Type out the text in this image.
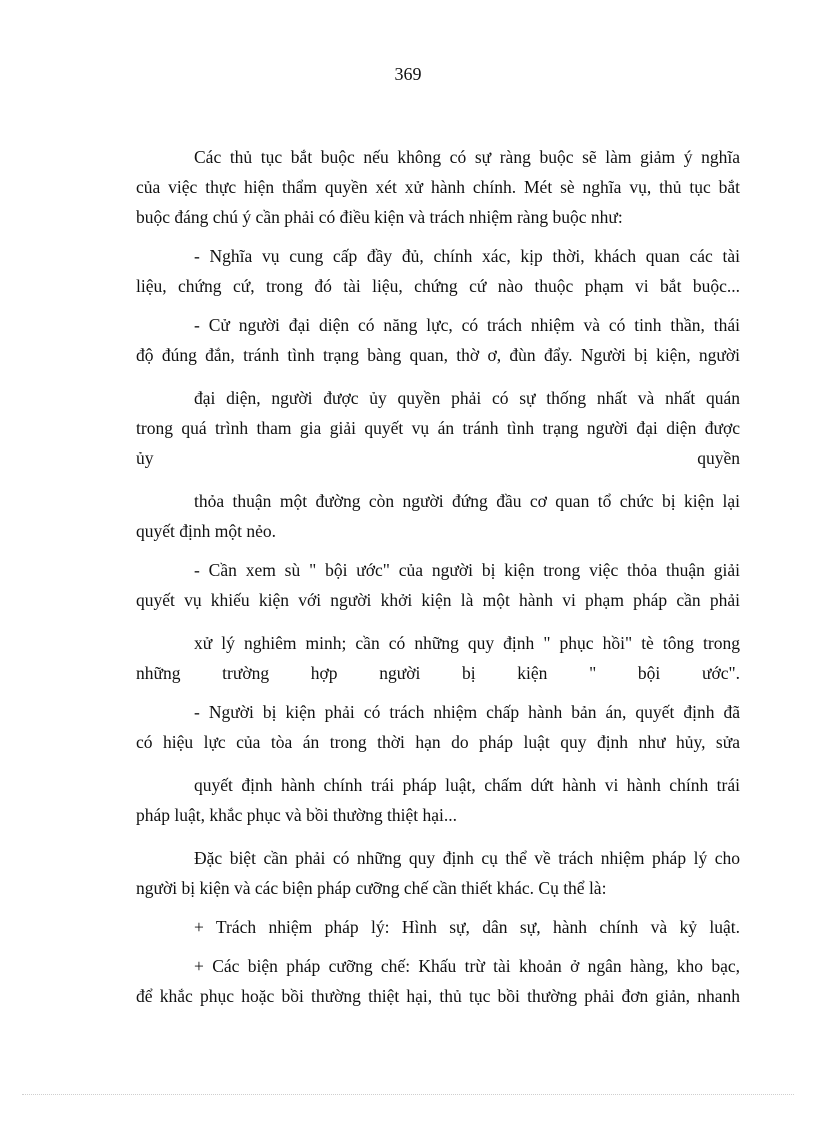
369
Các thủ tục bắt buộc nếu không có sự ràng buộc sẽ làm giảm ý nghĩa
của việc thực hiện thẩm quyền xét xử hành chính. Mét sè nghĩa vụ, thủ tục bắt
buộc đáng chú ý cần phải có điều kiện và trách nhiệm ràng buộc như:
- Nghĩa vụ cung cấp đầy đủ, chính xác, kịp thời, khách quan các tài
liệu, chứng cứ, trong đó tài liệu, chứng cứ nào thuộc phạm vi bắt buộc...
- Cử người đại diện có năng lực, có trách nhiệm và có tinh thần, thái
độ đúng đắn, tránh tình trạng bàng quan, thờ ơ, đùn đẩy. Người bị kiện, người
đại diện, người được ủy quyền phải có sự thống nhất và nhất quán
trong quá trình tham gia giải quyết vụ án tránh tình trạng người đại diện được
ủy quyền
thỏa thuận một đường còn người đứng đầu cơ quan tổ chức bị kiện lại
quyết định một nẻo.
- Cần xem sù " bội ước" của người bị kiện trong việc thỏa thuận giải
quyết vụ khiếu kiện với người khởi kiện là một hành vi phạm pháp cần phải
xử lý nghiêm minh; cần có những quy định " phục hồi" tè tông trong
những trường hợp người bị kiện " bội ước".
- Người bị kiện phải có trách nhiệm chấp hành bản án, quyết định đã
có hiệu lực của tòa án trong thời hạn do pháp luật quy định như hủy, sửa
quyết định hành chính trái pháp luật, chấm dứt hành vi hành chính trái
pháp luật, khắc phục và bồi thường thiệt hại...
Đặc biệt cần phải có những quy định cụ thể về trách nhiệm pháp lý cho
người bị kiện và các biện pháp cưỡng chế cần thiết khác. Cụ thể là:
+ Trách nhiệm pháp lý: Hình sự, dân sự, hành chính và kỷ luật.
+ Các biện pháp cưỡng chế: Khấu trừ tài khoản ở ngân hàng, kho bạc,
để khắc phục hoặc bồi thường thiệt hại, thủ tục bồi thường phải đơn giản, nhanh
